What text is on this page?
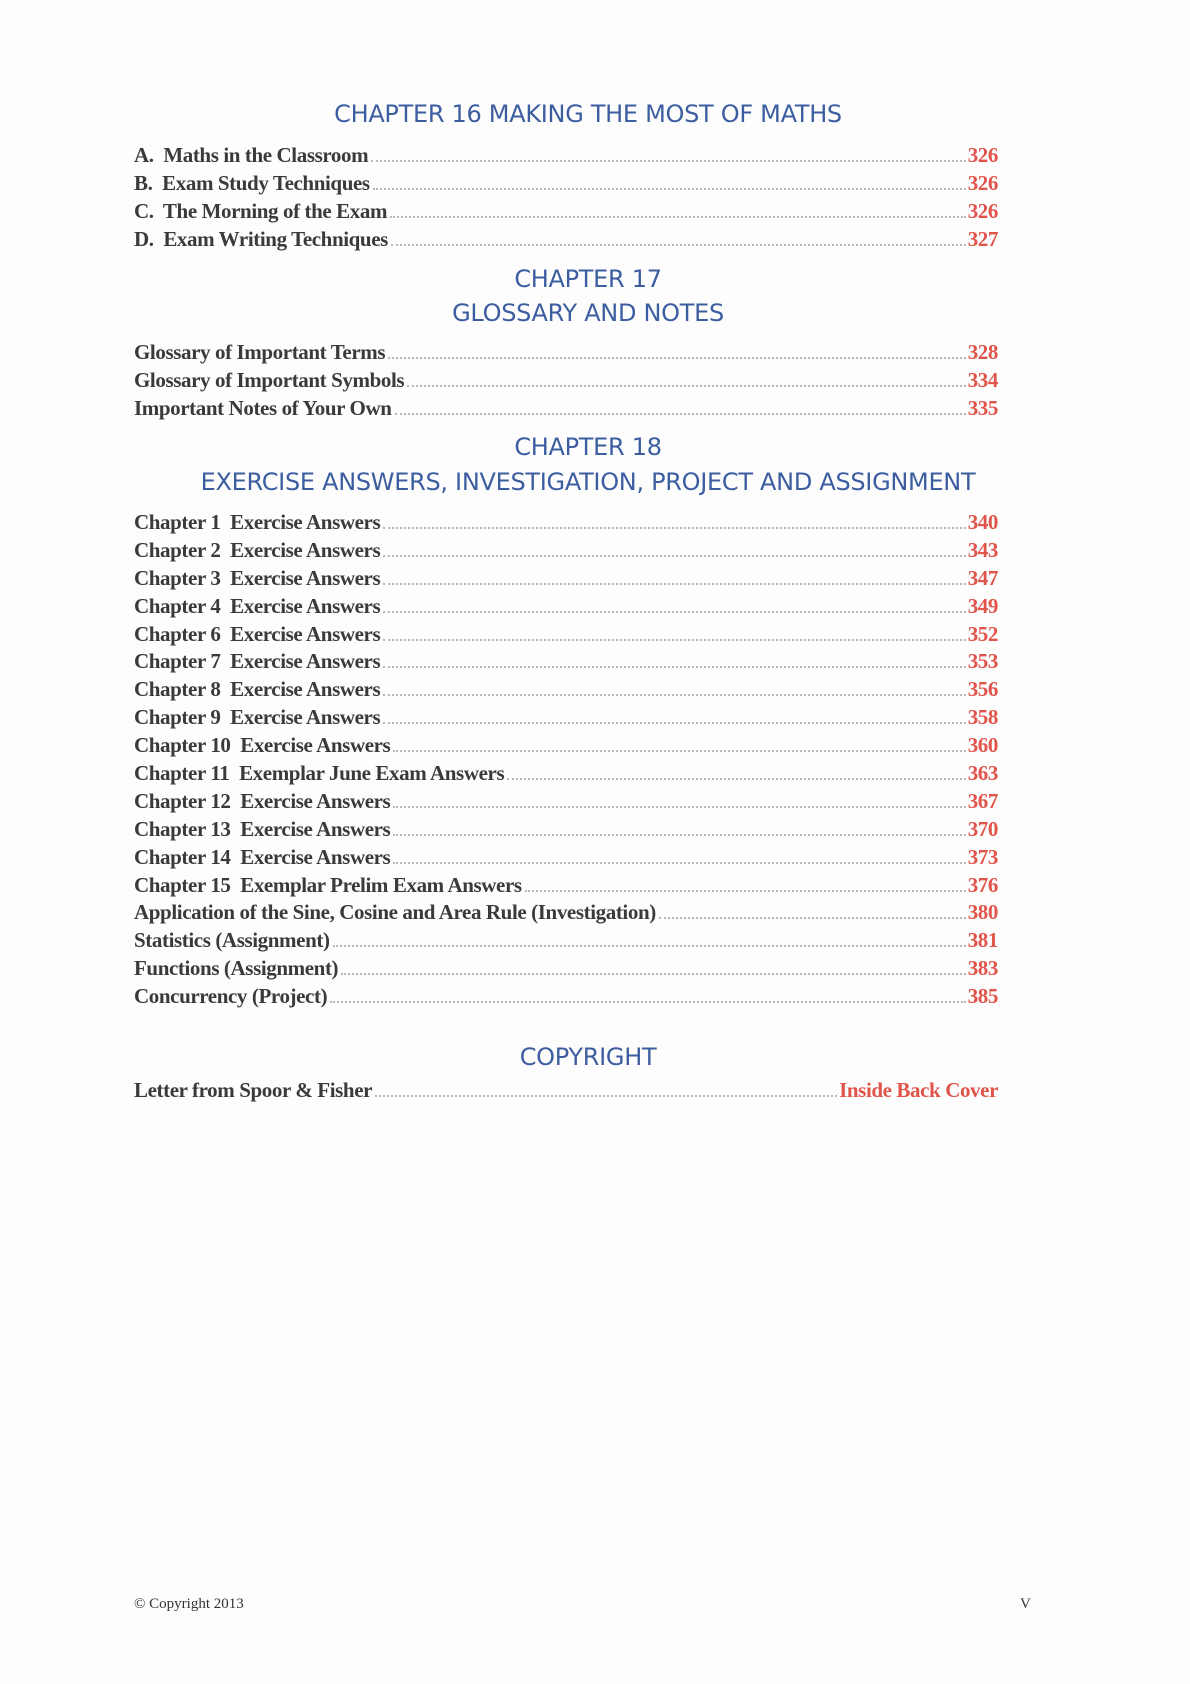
CHAPTER 16 MAKING THE MOST OF MATHS
A.  Maths in the Classroom	326
B.  Exam Study Techniques	326
C.  The Morning of the Exam	326
D.  Exam Writing Techniques	327
CHAPTER 17
GLOSSARY AND NOTES
Glossary of Important Terms	328
Glossary of Important Symbols	334
Important Notes of Your Own	335
CHAPTER 18
EXERCISE ANSWERS, INVESTIGATION, PROJECT AND ASSIGNMENT
Chapter 1  Exercise Answers	340
Chapter 2  Exercise Answers	343
Chapter 3  Exercise Answers	347
Chapter 4  Exercise Answers	349
Chapter 6  Exercise Answers	352
Chapter 7  Exercise Answers	353
Chapter 8  Exercise Answers	356
Chapter 9  Exercise Answers	358
Chapter 10  Exercise Answers	360
Chapter 11  Exemplar June Exam Answers	363
Chapter 12  Exercise Answers	367
Chapter 13  Exercise Answers	370
Chapter 14  Exercise Answers	373
Chapter 15  Exemplar Prelim Exam Answers	376
Application of the Sine, Cosine and Area Rule (Investigation)	380
Statistics (Assignment)	381
Functions (Assignment)	383
Concurrency (Project)	385
COPYRIGHT
Letter from Spoor & Fisher	Inside Back Cover
© Copyright 2013	V
